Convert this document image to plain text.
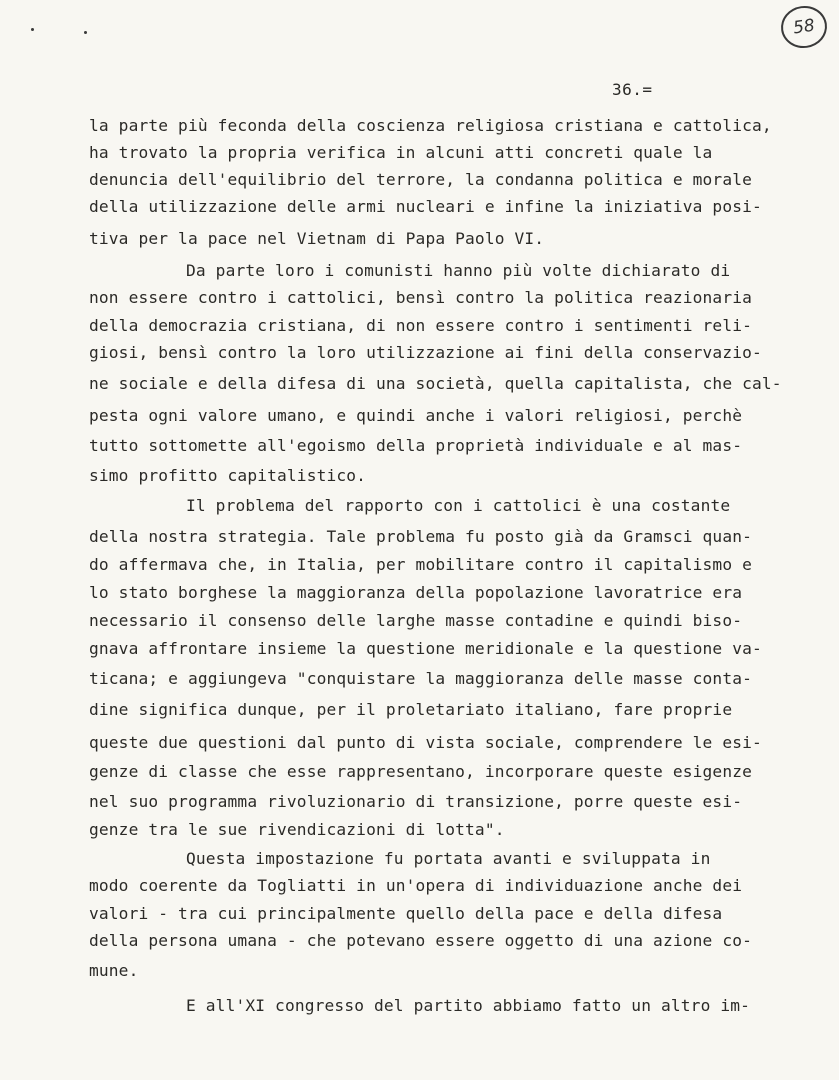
58
36.=
la parte più feconda della coscienza religiosa cristiana e cattolica,
ha trovato la propria verifica in alcuni atti concreti quale la
denuncia dell'equilibrio del terrore, la condanna politica e morale
della utilizzazione delle armi nucleari e infine la iniziativa posi-
tiva per la pace nel Vietnam di Papa Paolo VI.
Da parte loro i comunisti hanno più volte dichiarato di
non essere contro i cattolici, bensì contro la politica reazionaria
della democrazia cristiana, di non essere contro i sentimenti reli-
giosi, bensì contro la loro utilizzazione ai fini della conservazio-
ne sociale e della difesa di una società, quella capitalista, che cal-
pesta ogni valore umano, e quindi anche i valori religiosi, perchè
tutto sottomette all'egoismo della proprietà individuale e al mas-
simo profitto capitalistico.
Il problema del rapporto con i cattolici è una costante
della nostra strategia. Tale problema fu posto già da Gramsci quan-
do affermava che, in Italia, per mobilitare contro il capitalismo e
lo stato borghese la maggioranza della popolazione lavoratrice era
necessario il consenso delle larghe masse contadine e quindi biso-
gnava affrontare insieme la questione meridionale e la questione va-
ticana; e aggiungeva "conquistare la maggioranza delle masse conta-
dine significa dunque, per il proletariato italiano, fare proprie
queste due questioni dal punto di vista sociale, comprendere le esi-
genze di classe che esse rappresentano, incorporare queste esigenze
nel suo programma rivoluzionario di transizione, porre queste esi-
genze tra le sue rivendicazioni di lotta".
Questa impostazione fu portata avanti e sviluppata in
modo coerente da Togliatti in un'opera di individuazione anche dei
valori - tra cui principalmente quello della pace e della difesa
della persona umana - che potevano essere oggetto di una azione co-
mune.
E all'XI congresso del partito abbiamo fatto un altro im-
